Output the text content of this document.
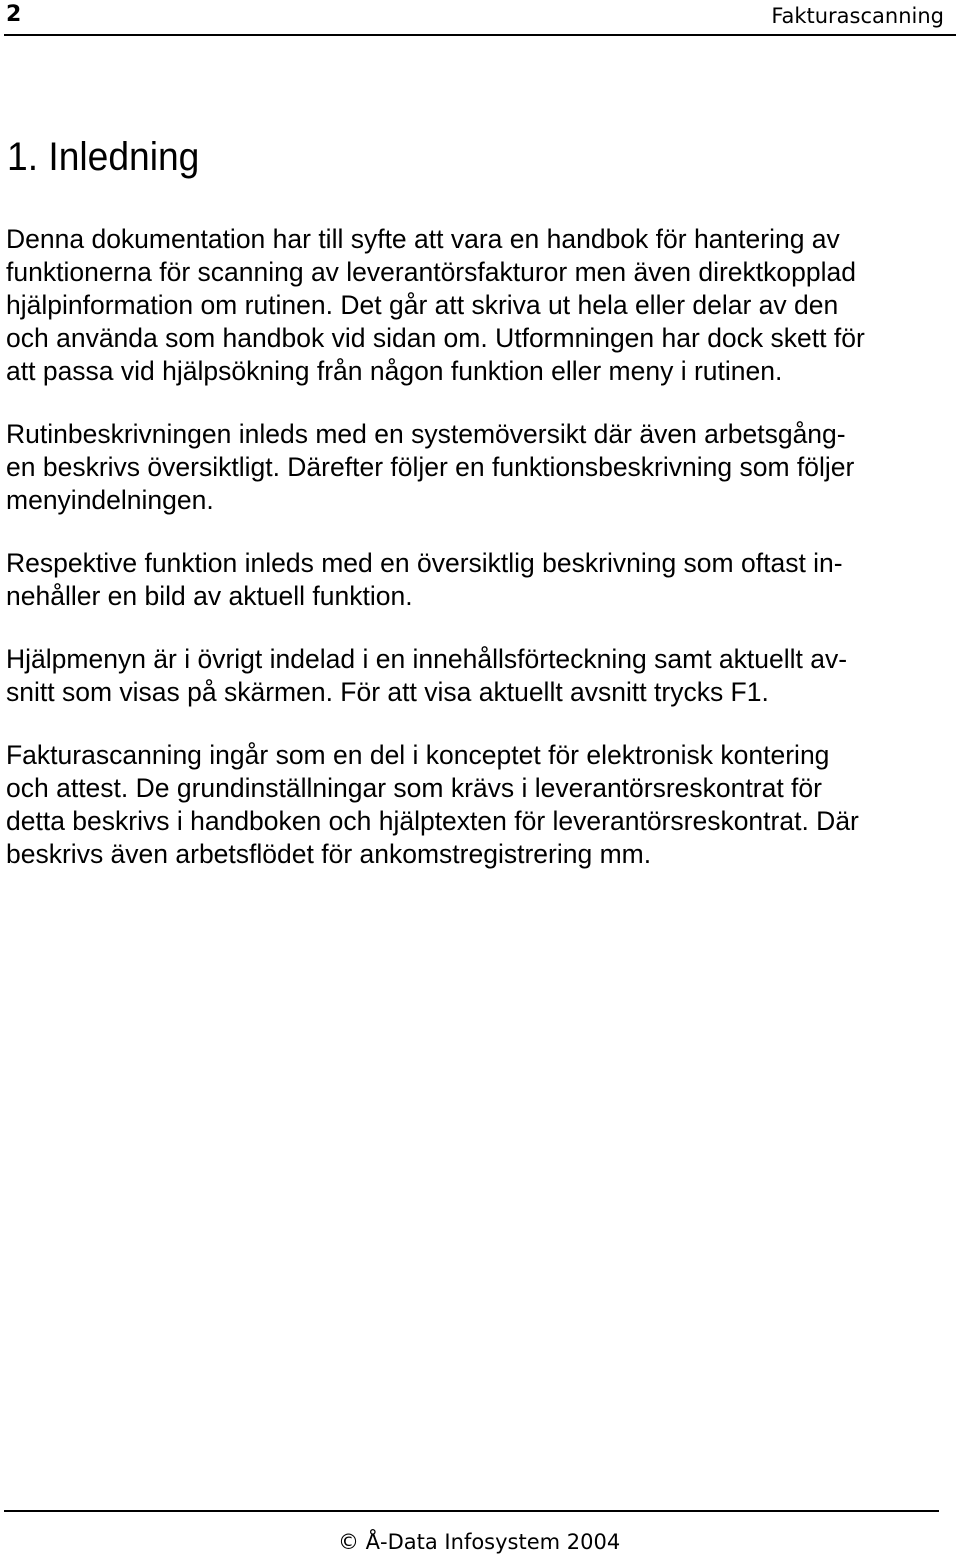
2	Fakturascanning
1. Inledning

Denna dokumentation har till syfte att vara en handbok för hantering av
funktionerna för scanning av leverantörsfakturor men även direktkopplad
hjälpinformation om rutinen. Det går att skriva ut hela eller delar av den
och använda som handbok vid sidan om. Utformningen har dock skett för
att passa vid hjälpsökning från någon funktion eller meny i rutinen.

Rutinbeskrivningen inleds med en systemöversikt där även arbetsgång-
en beskrivs översiktligt. Därefter följer en funktionsbeskrivning som följer
menyindelningen.

Respektive funktion inleds med en översiktlig beskrivning som oftast in-
nehåller en bild av aktuell funktion.

Hjälpmenyn är i övrigt indelad i en innehållsförteckning samt aktuellt av-
snitt som visas på skärmen. För att visa aktuellt avsnitt trycks F1.

Fakturascanning ingår som en del i konceptet för elektronisk kontering
och attest. De grundinställningar som krävs i leverantörsreskontrat för
detta beskrivs i handboken och hjälptexten för leverantörsreskontrat. Där
beskrivs även arbetsflödet för ankomstregistrering mm.

© Å-Data Infosystem 2004
